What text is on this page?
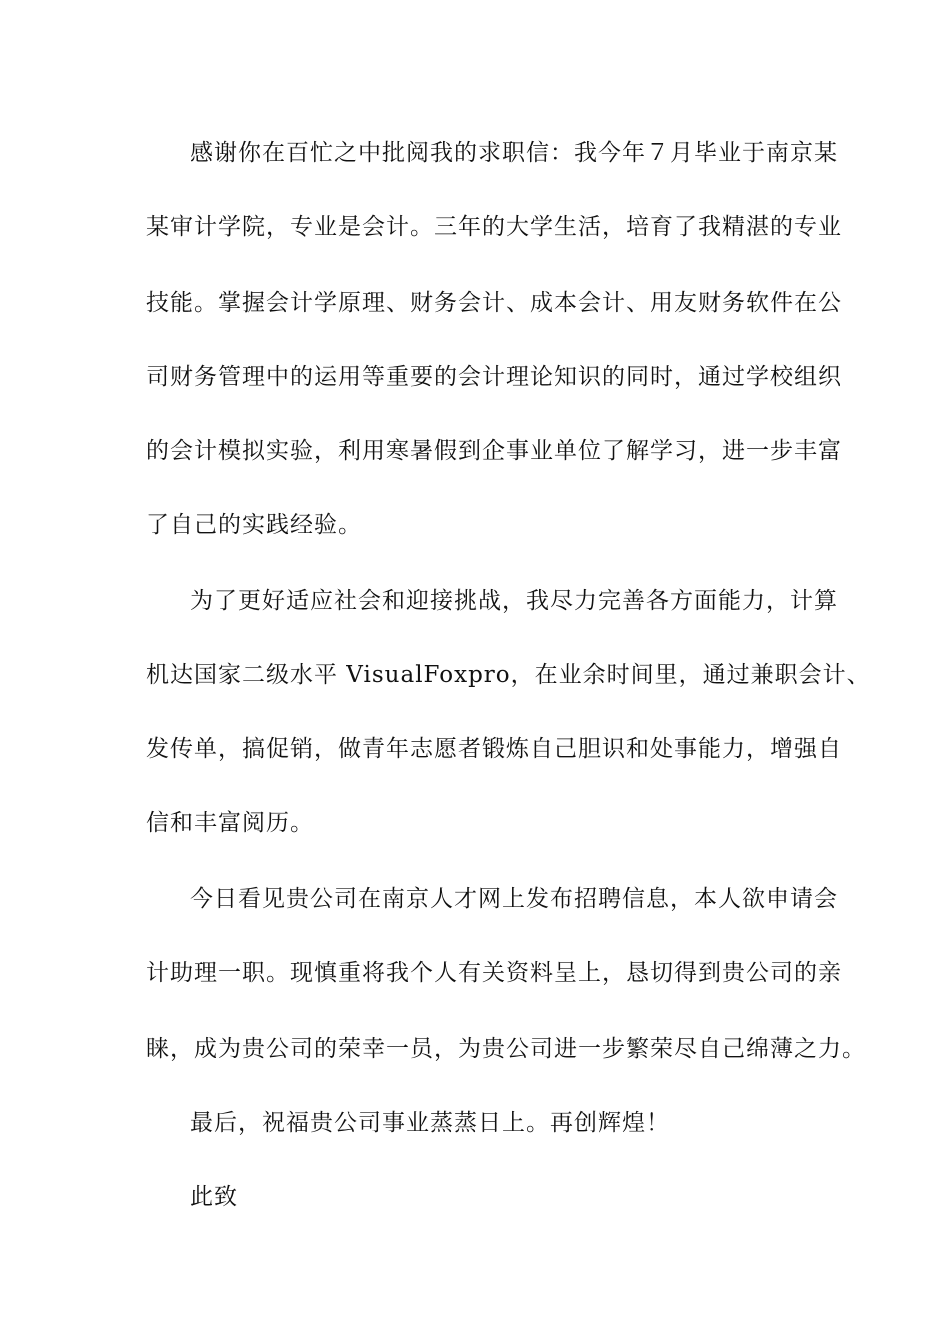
感谢你在百忙之中批阅我的求职信：我今年７月毕业于南京某
某审计学院，专业是会计。三年的大学生活，培育了我精湛的专业
技能。掌握会计学原理、财务会计、成本会计、用友财务软件在公
司财务管理中的运用等重要的会计理论知识的同时，通过学校组织
的会计模拟实验，利用寒暑假到企事业单位了解学习，进一步丰富
了自己的实践经验。
为了更好适应社会和迎接挑战，我尽力完善各方面能力，计算
机达国家二级水平 VisualFoxpro，在业余时间里，通过兼职会计、
发传单，搞促销，做青年志愿者锻炼自己胆识和处事能力，增强自
信和丰富阅历。
今日看见贵公司在南京人才网上发布招聘信息，本人欲申请会
计助理一职。现慎重将我个人有关资料呈上，恳切得到贵公司的亲
睐，成为贵公司的荣幸一员，为贵公司进一步繁荣尽自己绵薄之力。
最后，祝福贵公司事业蒸蒸日上。再创辉煌！
此致
